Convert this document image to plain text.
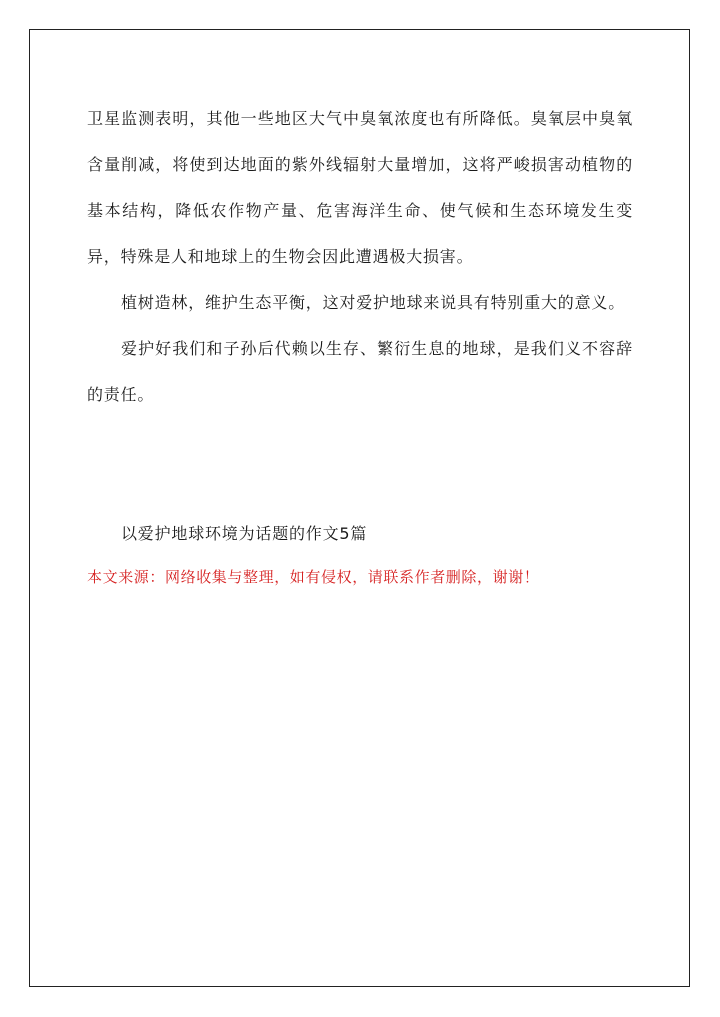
卫星监测表明，其他一些地区大气中臭氧浓度也有所降低。臭氧层中臭氧含量削减，将使到达地面的紫外线辐射大量增加，这将严峻损害动植物的基本结构，降低农作物产量、危害海洋生命、使气候和生态环境发生变异，特殊是人和地球上的生物会因此遭遇极大损害。

植树造林，维护生态平衡，这对爱护地球来说具有特别重大的意义。

爱护好我们和子孙后代赖以生存、繁衍生息的地球，是我们义不容辞的责任。

以爱护地球环境为话题的作文5篇

本文来源：网络收集与整理，如有侵权，请联系作者删除，谢谢！
